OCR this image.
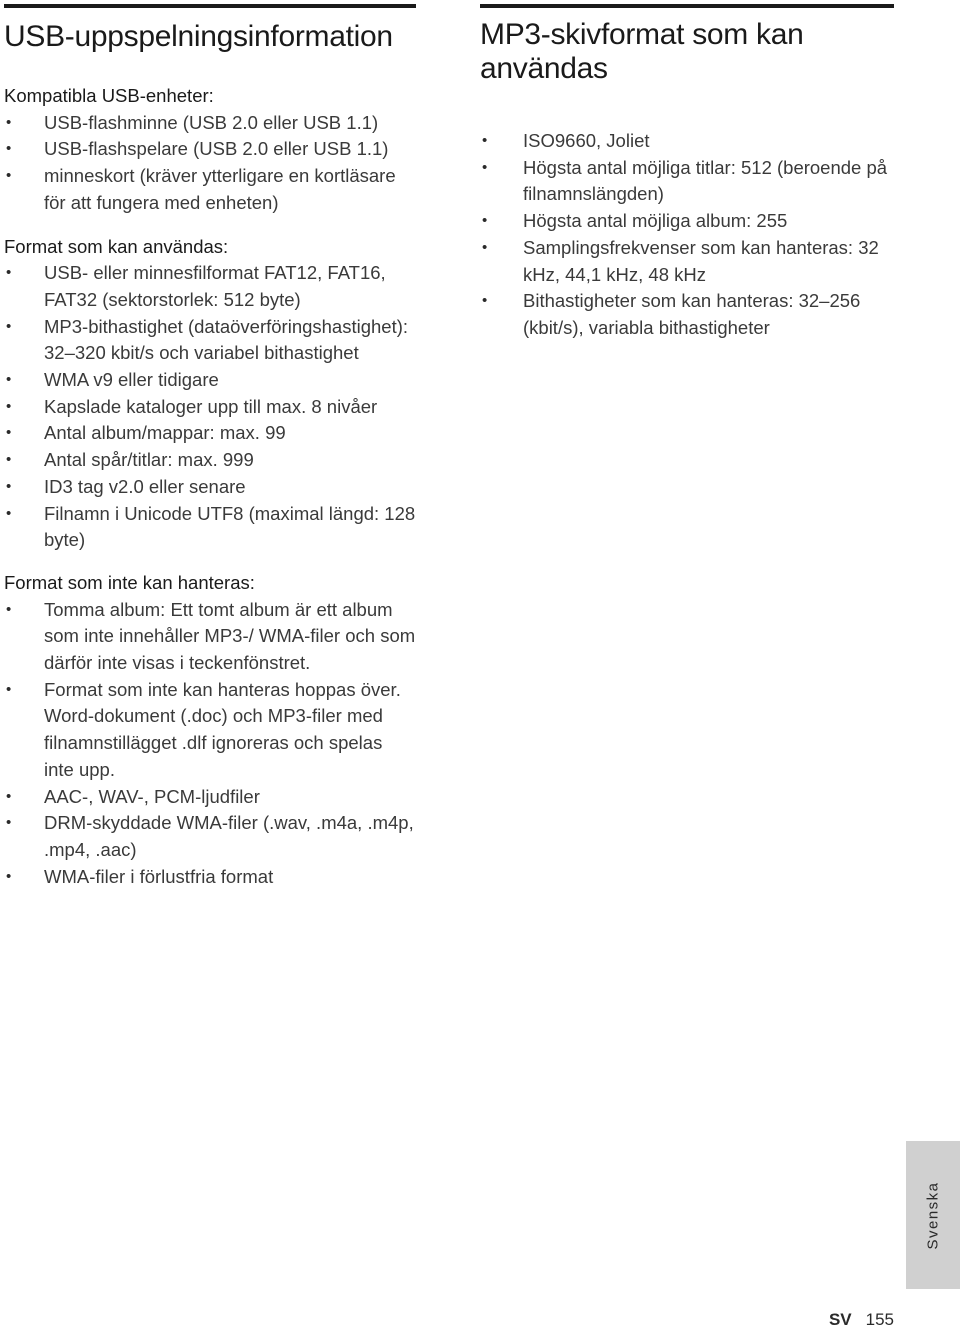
USB-uppspelningsinformation
Kompatibla USB-enheter:
• USB-flashminne (USB 2.0 eller USB 1.1)
• USB-flashspelare (USB 2.0 eller USB 1.1)
• minneskort (kräver ytterligare en kortläsare för att fungera med enheten)
Format som kan användas:
• USB- eller minnesfilformat FAT12, FAT16, FAT32 (sektorstorlek: 512 byte)
• MP3-bithastighet (dataöverföringshastighet): 32–320 kbit/s och variabel bithastighet
• WMA v9 eller tidigare
• Kapslade kataloger upp till max. 8 nivåer
• Antal album/mappar: max. 99
• Antal spår/titlar: max. 999
• ID3 tag v2.0 eller senare
• Filnamn i Unicode UTF8 (maximal längd: 128 byte)
Format som inte kan hanteras:
• Tomma album: Ett tomt album är ett album som inte innehåller MP3-/ WMA-filer och som därför inte visas i teckenfönstret.
• Format som inte kan hanteras hoppas över. Word-dokument (.doc) och MP3-filer med filnamnstillägget .dlf ignoreras och spelas inte upp.
• AAC-, WAV-, PCM-ljudfiler
• DRM-skyddade WMA-filer (.wav, .m4a, .m4p, .mp4, .aac)
• WMA-filer i förlustfria format
MP3-skivformat som kan användas
• ISO9660, Joliet
• Högsta antal möjliga titlar: 512 (beroende på filnamnslängden)
• Högsta antal möjliga album: 255
• Samplingsfrekvenser som kan hanteras: 32 kHz, 44,1 kHz, 48 kHz
• Bithastigheter som kan hanteras: 32–256 (kbit/s), variabla bithastigheter
Svenska
SV 155
